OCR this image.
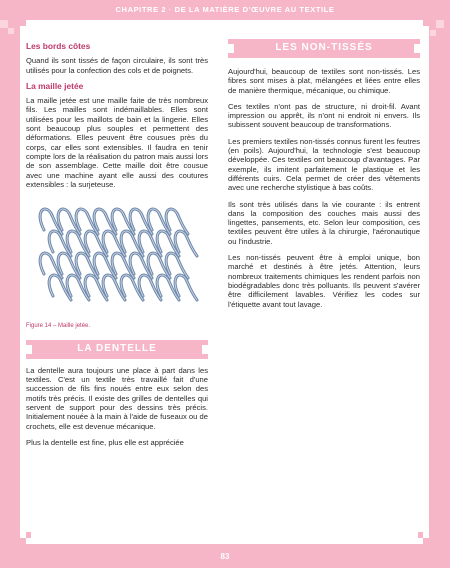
CHAPITRE 2 · DE LA MATIÈRE D'ŒUVRE AU TEXTILE
Les bords côtes

Quand ils sont tissés de façon circulaire, ils sont très utilisés pour la confection des cols et de poignets.

La maille jetée

La maille jetée est une maille faite de très nombreux fils. Les mailles sont indémaillables. Elles sont utilisées pour les maillots de bain et la lingerie. Elles sont beaucoup plus souples et permettent des déformations. Elles peuvent être cousues près du corps, car elles sont extensibles. Il faudra en tenir compte lors de la réalisation du patron mais aussi lors de son assemblage. Cette maille doit être cousue avec une machine ayant elle aussi des coutures extensibles : la surjeteuse.

Figure 14 – Maille jetée.
LA DENTELLE

La dentelle aura toujours une place à part dans les textiles. C'est un textile très travaillé fait d'une succession de fils fins noués entre eux selon des motifs très précis. Il existe des grilles de dentelles qui servent de support pour des dessins très précis. Initialement nouée à la main à l'aide de fuseaux ou de crochets, elle est devenue mécanique.

Plus la dentelle est fine, plus elle est appréciée

LES NON-TISSÉS

Aujourd'hui, beaucoup de textiles sont non-tissés. Les fibres sont mises à plat, mélangées et liées entre elles de manière thermique, mécanique, ou chimique.

Ces textiles n'ont pas de structure, ni droit-fil. Avant impression ou apprêt, ils n'ont ni endroit ni envers. Ils subissent souvent beaucoup de transformations.

Les premiers textiles non-tissés connus furent les feutres (en poils). Aujourd'hui, la technologie s'est beaucoup développée. Ces textiles ont beaucoup d'avantages. Par exemple, ils imitent parfaitement le plastique et les différents cuirs. Cela permet de créer des vêtements avec une recherche stylistique à bas coûts.

Ils sont très utilisés dans la vie courante : ils entrent dans la composition des couches mais aussi des lingettes, pansements, etc. Selon leur composition, ces textiles peuvent être utiles à la chirurgie, l'aéronautique ou l'industrie.

Les non-tissés peuvent être à emploi unique, bon marché et destinés à être jetés. Attention, leurs nombreux traitements chimiques les rendent parfois non biodégradables donc très polluants. Ils peuvent s'avérer être difficilement lavables. Vérifiez les codes sur l'étiquette avant tout lavage.

83
